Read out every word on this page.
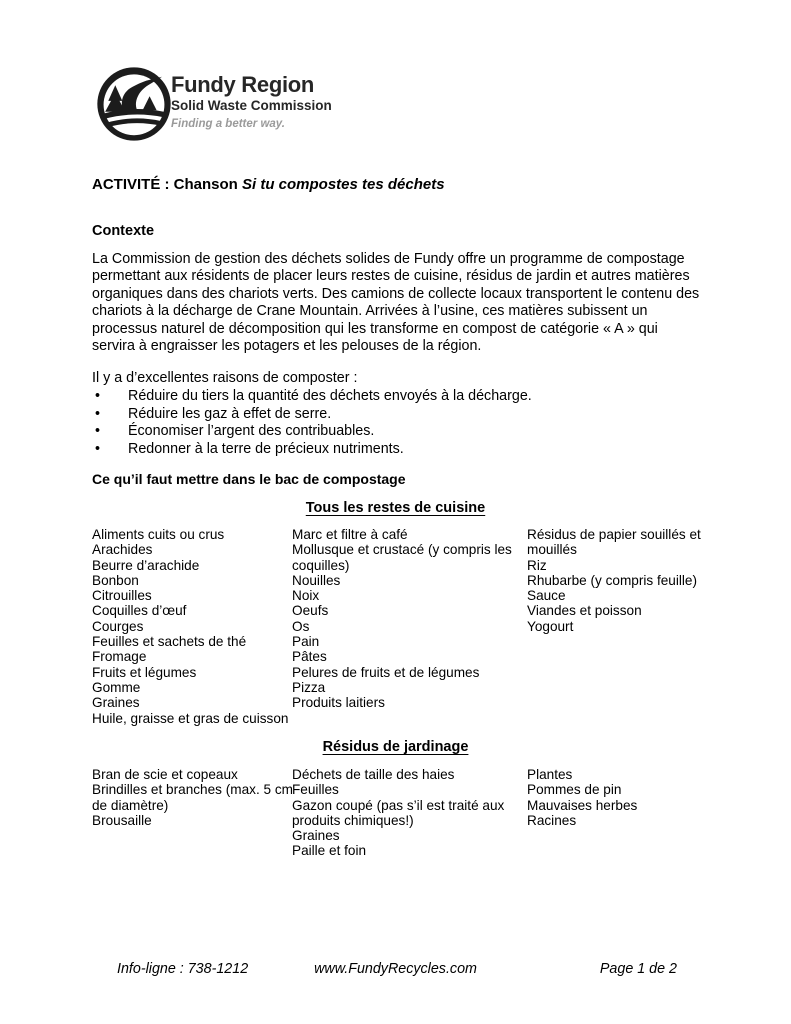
Fundy Region
Solid Waste Commission
Finding a better way.
ACTIVITÉ : Chanson Si tu compostes tes déchets
Contexte

La Commission de gestion des déchets solides de Fundy offre un programme de compostage permettant aux résidents de placer leurs restes de cuisine, résidus de jardin et autres matières organiques dans des chariots verts. Des camions de collecte locaux transportent le contenu des chariots à la décharge de Crane Mountain. Arrivées à l’usine, ces matières subissent un processus naturel de décomposition qui les transforme en compost de catégorie « A » qui servira à engraisser les potagers et les pelouses de la région.

Il y a d’excellentes raisons de composter :

• Réduire du tiers la quantité des déchets envoyés à la décharge.
• Réduire les gaz à effet de serre.
• Économiser l’argent des contribuables.
• Redonner à la terre de précieux nutriments.
Ce qu’il faut mettre dans le bac de compostage
Tous les restes de cuisine
Aliments cuits ou crus
Arachides
Beurre d’arachide
Bonbon
Citrouilles
Coquilles d’œuf
Courges
Feuilles et sachets de thé
Fromage
Fruits et légumes
Gomme
Graines
Huile, graisse et gras de cuisson
Marc et filtre à café
Mollusque et crustacé (y compris les
coquilles)
Nouilles
Noix
Oeufs
Os
Pain
Pâtes
Pelures de fruits et de légumes
Pizza
Produits laitiers
Résidus de papier souillés et
mouillés
Riz
Rhubarbe (y compris feuille)
Sauce
Viandes et poisson
Yogourt
Résidus de jardinage
Bran de scie et copeaux
Brindilles et branches (max. 5 cm
de diamètre)
Brousaille
Déchets de taille des haies
Feuilles
Gazon coupé (pas s’il est traité aux
produits chimiques!)
Graines
Paille et foin
Plantes
Pommes de pin
Mauvaises herbes
Racines
Info-ligne : 738-1212	www.FundyRecycles.com	Page 1 de 2
